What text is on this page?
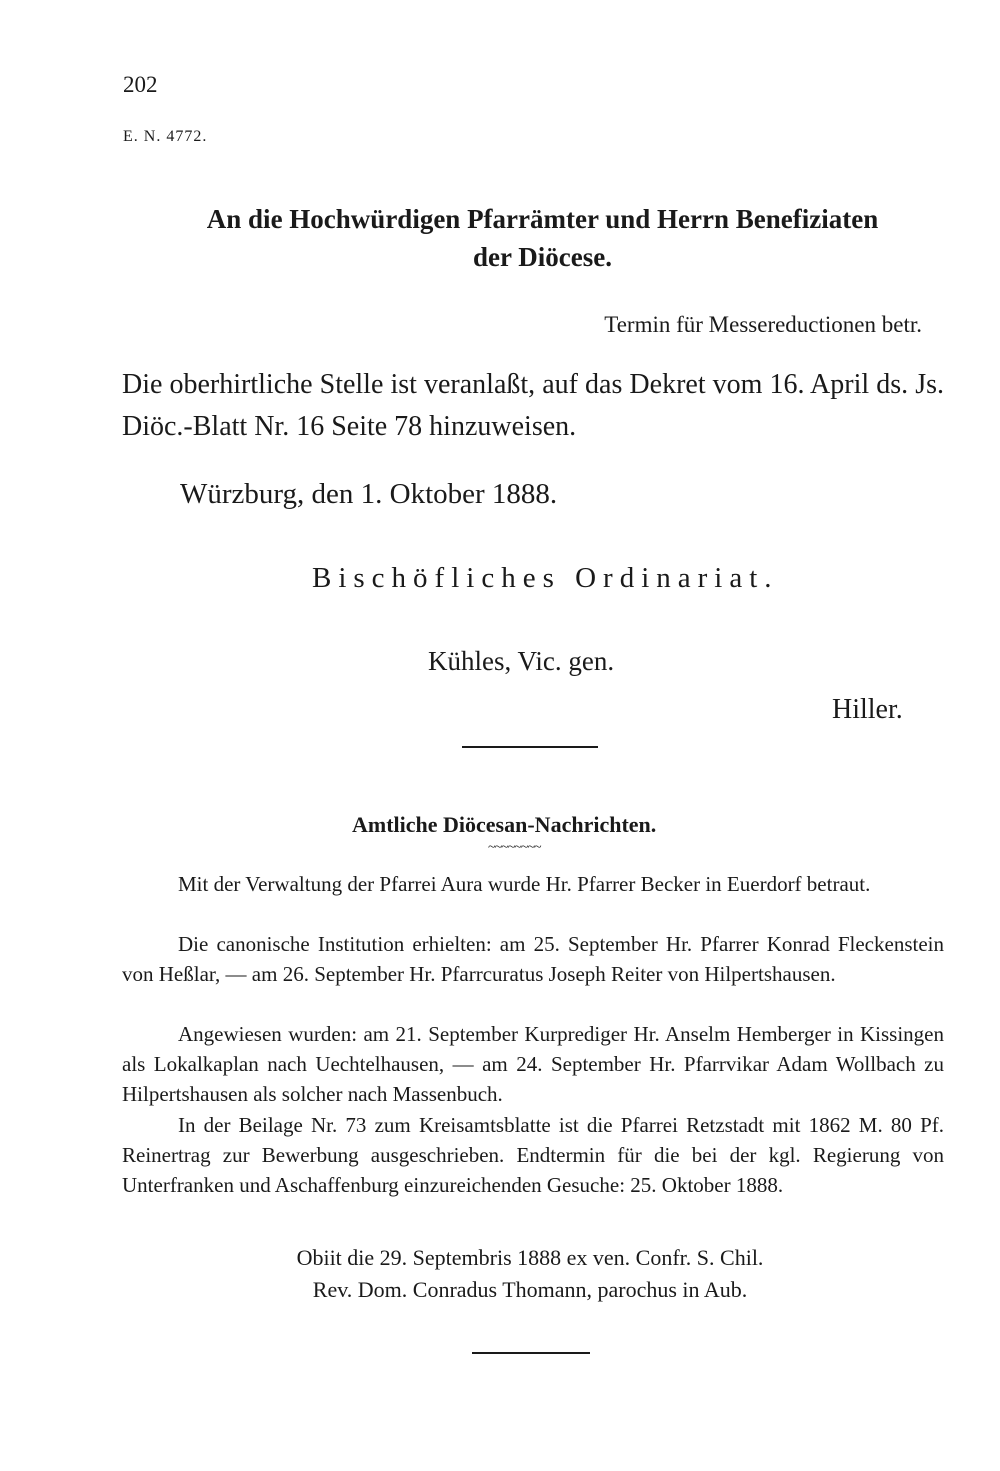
202
E. N. 4772.
An die Hochwürdigen Pfarrämter und Herrn Benefiziaten
der Diöcese.
Termin für Messereductionen betr.
Die oberhirtliche Stelle ist veranlaßt, auf das Dekret vom 16. April ds. Js. Diöc.-Blatt Nr. 16 Seite 78 hinzuweisen.
Würzburg, den 1. Oktober 1888.
Bischöfliches Ordinariat.
Kühles, Vic. gen.
Hiller.
Amtliche Diöcesan-Nachrichten.
~~~~~~~~
Mit der Verwaltung der Pfarrei Aura wurde Hr. Pfarrer Becker in Euerdorf betraut.
Die canonische Institution erhielten: am 25. September Hr. Pfarrer Konrad Fleckenstein von Heßlar, — am 26. September Hr. Pfarrcuratus Joseph Reiter von Hilpertshausen.
Angewiesen wurden: am 21. September Kurprediger Hr. Anselm Hemberger in Kissingen als Lokalkaplan nach Uechtelhausen, — am 24. September Hr. Pfarrvikar Adam Wollbach zu Hilpertshausen als solcher nach Massenbuch.
In der Beilage Nr. 73 zum Kreisamtsblatte ist die Pfarrei Retzstadt mit 1862 M. 80 Pf. Reinertrag zur Bewerbung ausgeschrieben. Endtermin für die bei der kgl. Regierung von Unterfranken und Aschaffenburg einzureichenden Gesuche: 25. Oktober 1888.
Obiit die 29. Septembris 1888 ex ven. Confr. S. Chil.
Rev. Dom. Conradus Thomann, parochus in Aub.
